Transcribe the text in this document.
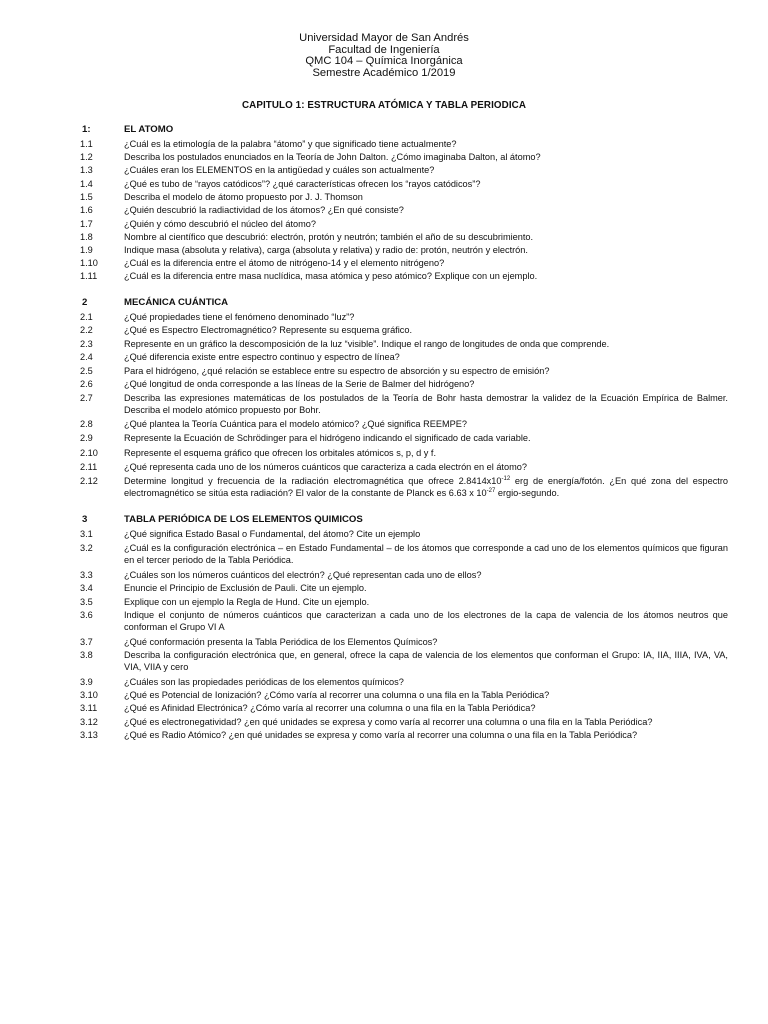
Universidad Mayor de San Andrés
Facultad de Ingeniería
QMC 104 – Química Inorgánica
Semestre Académico 1/2019
CAPITULO 1: ESTRUCTURA ATÓMICA Y TABLA PERIODICA
1:	EL ATOMO
1.1	¿Cuál es la etimología de la palabra “átomo” y que significado tiene actualmente?
1.2	Describa los postulados enunciados en la Teoría de John Dalton. ¿Cómo imaginaba Dalton, al átomo?
1.3	¿Cuáles eran los ELEMENTOS en la antigüedad y cuáles son actualmente?
1.4	¿Qué es tubo de “rayos catódicos”? ¿qué características ofrecen los “rayos catódicos”?
1.5	Describa el modelo de átomo propuesto por J. J. Thomson
1.6	¿Quién descubrió la radiactividad de los átomos? ¿En qué consiste?
1.7	¿Quién y cómo descubrió el núcleo del átomo?
1.8	Nombre al científico que descubrió: electrón, protón y neutrón; también el año de su descubrimiento.
1.9	Indique masa (absoluta y relativa), carga (absoluta y relativa) y radio de: protón, neutrón y electrón.
1.10	¿Cuál es la diferencia entre el átomo de nitrógeno-14 y el elemento nitrógeno?
1.11	¿Cuál es la diferencia entre masa nuclídica, masa atómica y peso atómico? Explique con un ejemplo.
2	MECÁNICA CUÁNTICA
2.1	¿Qué propiedades tiene el fenómeno denominado “luz”?
2.2	¿Qué es Espectro Electromagnético? Represente su esquema gráfico.
2.3	Represente en un gráfico la descomposición de la luz “visible”. Indique el rango de longitudes de onda que comprende.
2.4	¿Qué diferencia existe entre espectro continuo y espectro de línea?
2.5	Para el hidrógeno, ¿qué relación se establece entre su espectro de absorción y su espectro de emisión?
2.6	¿Qué longitud de onda corresponde a las líneas de la Serie de Balmer del hidrógeno?
2.7	Describa las expresiones matemáticas de los postulados de la Teoría de Bohr hasta demostrar la validez de la Ecuación Empírica de Balmer. Describa el modelo atómico propuesto por Bohr.
2.8	¿Qué plantea la Teoría Cuántica para el modelo atómico? ¿Qué significa REEMPE?
2.9	Represente la Ecuación de Schrödinger para el hidrógeno indicando el significado de cada variable.
2.10	Represente el esquema gráfico que ofrecen los orbitales atómicos s, p, d y f.
2.11	¿Qué representa cada uno de los números cuánticos que caracteriza a cada electrón en el átomo?
2.12	Determine longitud y frecuencia de la radiación electromagnética que ofrece $2.8414x10^{-12}$ erg de energía/fotón. ¿En qué zona del espectro electromagnético se sitúa esta radiación? El valor de la constante de Planck es 6.63 x $10^{-27}$ ergio-segundo.
3	TABLA PERIÓDICA DE LOS ELEMENTOS QUIMICOS
3.1	¿Qué significa Estado Basal o Fundamental, del átomo? Cite un ejemplo
3.2	¿Cuál es la configuración electrónica – en Estado Fundamental – de los átomos que corresponde a cad uno de los elementos químicos que figuran en el tercer periodo de la Tabla Periódica.
3.3	¿Cuáles son los números cuánticos del electrón? ¿Qué representan cada uno de ellos?
3.4	Enuncie el Principio de Exclusión de Pauli. Cite un ejemplo.
3.5	Explique con un ejemplo la Regla de Hund. Cite un ejemplo.
3.6	Indique el conjunto de números cuánticos que caracterizan a cada uno de los electrones de la capa de valencia de los átomos neutros que conforman el Grupo VI A
3.7	¿Qué conformación presenta la Tabla Periódica de los Elementos Químicos?
3.8	Describa la configuración electrónica que, en general, ofrece la capa de valencia de los elementos que conforman el Grupo: IA, IIA, IIIA, IVA, VA, VIA, VIIA y cero
3.9	¿Cuáles son las propiedades periódicas de los elementos químicos?
3.10	¿Qué es Potencial de Ionización? ¿Cómo varía al recorrer una columna o una fila en la Tabla Periódica?
3.11	¿Qué es Afinidad Electrónica? ¿Cómo varía al recorrer una columna o una fila en la Tabla Periódica?
3.12	¿Qué es electronegatividad? ¿en qué unidades se expresa y como varía al recorrer una columna o una fila en la Tabla Periódica?
3.13	¿Qué es Radio Atómico? ¿en qué unidades se expresa y como varía al recorrer una columna o una fila en la Tabla Periódica?
